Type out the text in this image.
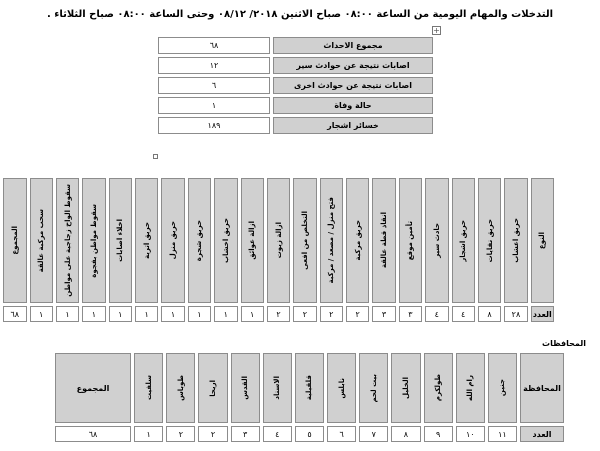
التدخلات والمهام اليومية من الساعة ٠٨:٠٠ صباح الاثنين ٢٠١٨/ ٠٨/١٢ وحتى الساعة ٠٨:٠٠ صباح الثلاثاء .
+
مجموع الاحداث	٦٨
اصابات نتيجة عن حوادث سير	١٢
اصابات نتيجة عن حوادث اخرى	٦
حالة وفاة	١
خسائر اشجار	١٨٩
النوع	حريق اعشاب	حريق نفايات	حريق اشجار	حادث سير	تأمين موقع	انقاذ قطة عالقة	حريق مركبة	فتح منزل / مصعد / مركبة	التخلص من افعى	ازالة زيوت	ازالة عوائق	حريق اخشاب	حريق شجرة	حريق منزل	حريق اترية	اخلاء اصابات	سقوط مواطن بفجوة	سقوط الواح زجاجية على مواطن	سحب مركبة عالقة	المجموع

العدد	٢٨	٨	٤	٤	٣	٣	٢	٢	٢	٢	١	١	١	١	١	١	١	١	١	٦٨
المحافظات
المحافظة	جنين	رام الله	طولكرم	الخليل	بيت لحم	نابلس	قلقيلية	الاسناد	القدس	اريحا	طوباس	سلفيت	المجموع
العدد	١١	١٠	٩	٨	٧	٦	٥	٤	٣	٢	٢	١	٦٨
